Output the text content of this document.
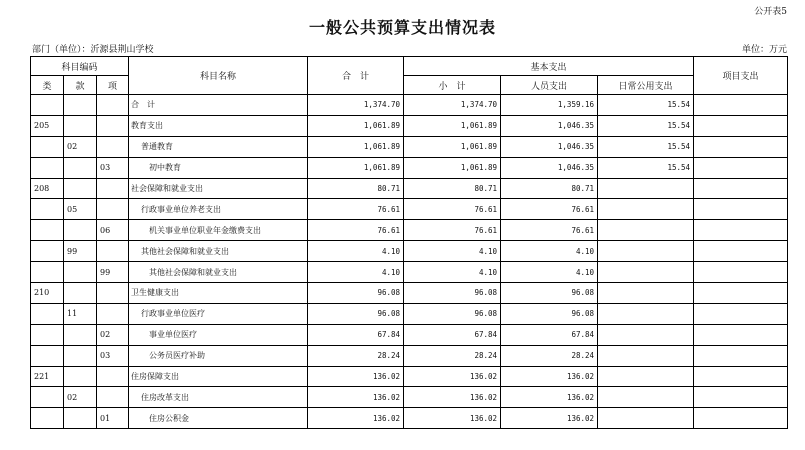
公开表5
一般公共预算支出情况表
部门（单位）：沂源县荆山学校	单位：万元
科目编码			科目名称	合　计	基本支出			项目支出
类	款	项			小　计	人员支出	日常公用支出	
			合　计	1,374.70	1,374.70	1,359.16	15.54	
205			教育支出	1,061.89	1,061.89	1,046.35	15.54	
	02		普通教育	1,061.89	1,061.89	1,046.35	15.54	
		03	初中教育	1,061.89	1,061.89	1,046.35	15.54	
208			社会保障和就业支出	80.71	80.71	80.71		
	05		行政事业单位养老支出	76.61	76.61	76.61		
		06	机关事业单位职业年金缴费支出	76.61	76.61	76.61		
	99		其他社会保障和就业支出	4.10	4.10	4.10		
		99	其他社会保障和就业支出	4.10	4.10	4.10		
210			卫生健康支出	96.08	96.08	96.08		
	11		行政事业单位医疗	96.08	96.08	96.08		
		02	事业单位医疗	67.84	67.84	67.84		
		03	公务员医疗补助	28.24	28.24	28.24		
221			住房保障支出	136.02	136.02	136.02		
	02		住房改革支出	136.02	136.02	136.02		
		01	住房公积金	136.02	136.02	136.02		
